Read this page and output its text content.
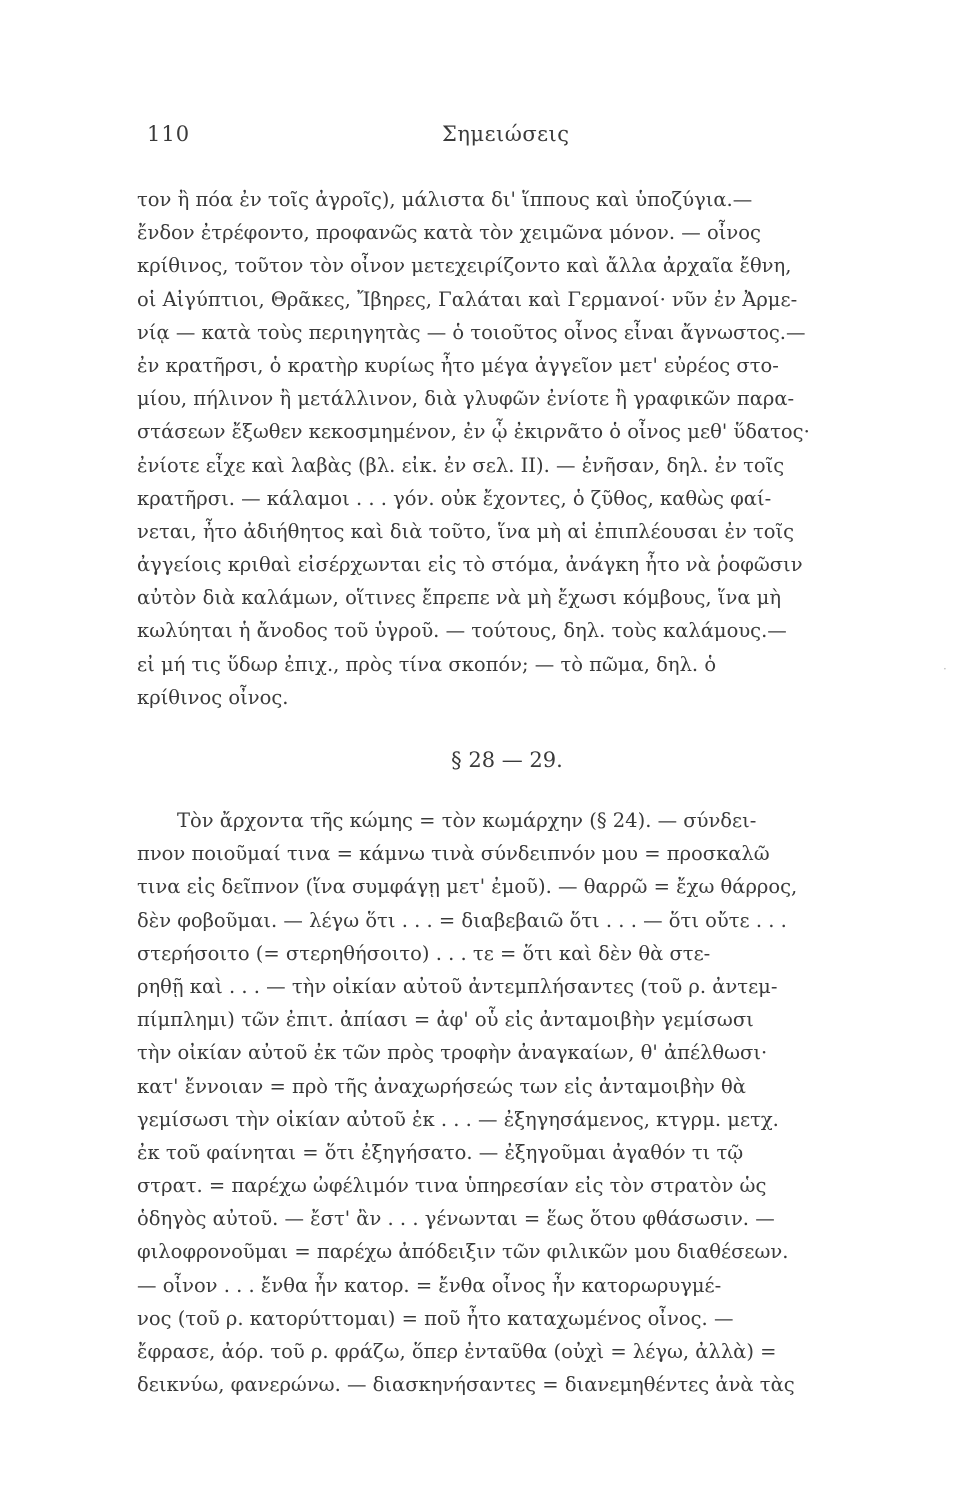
110	Σημειώσεις
τον ἢ πόα ἐν τοῖς ἀγροῖς), μάλιστα δι' ἵππους καὶ ὑποζύγια.—
ἔνδον ἐτρέφοντο, προφανῶς κατὰ τὸν χειμῶνα μόνον. — οἶνος
κρίθινος, τοῦτον τὸν οἶνον μετεχειρίζοντο καὶ ἄλλα ἀρχαῖα ἔθνη,
οἱ Αἰγύπτιοι, Θρᾶκες, Ἴβηρες, Γαλάται καὶ Γερμανοί· νῦν ἐν Ἀρμε-
νίᾳ — κατὰ τοὺς περιηγητὰς — ὁ τοιοῦτος οἶνος εἶναι ἄγνωστος.—
ἐν κρατῆρσι, ὁ κρατὴρ κυρίως ἦτο μέγα ἀγγεῖον μετ' εὐρέος στο-
μίου, πήλινον ἢ μετάλλινον, διὰ γλυφῶν ἐνίοτε ἢ γραφικῶν παρα-
στάσεων ἔξωθεν κεκοσμημένον, ἐν ᾧ ἐκιρνᾶτο ὁ οἶνος μεθ' ὕδατος·
ἐνίοτε εἶχε καὶ λαβὰς (βλ. εἰκ. ἐν σελ. II). — ἐνῆσαν, δηλ. ἐν τοῖς
κρατῆρσι. — κάλαμοι . . . γόν. οὐκ ἔχοντες, ὁ ζῦθος, καθὼς φαί-
νεται, ἦτο ἀδιήθητος καὶ διὰ τοῦτο, ἵνα μὴ αἱ ἐπιπλέουσαι ἐν τοῖς
ἀγγείοις κριθαὶ εἰσέρχωνται εἰς τὸ στόμα, ἀνάγκη ἦτο νὰ ῥοφῶσιν
αὐτὸν διὰ καλάμων, οἵτινες ἔπρεπε νὰ μὴ ἔχωσι κόμβους, ἵνα μὴ
κωλύηται ἡ ἄνοδος τοῦ ὑγροῦ. — τούτους, δηλ. τοὺς καλάμους.—
εἰ μή τις ὕδωρ ἐπιχ., πρὸς τίνα σκοπόν; — τὸ πῶμα, δηλ. ὁ
κρίθινος οἶνος.
§ 28 — 29.
Τὸν ἄρχοντα τῆς κώμης = τὸν κωμάρχην (§ 24). — σύνδει-
πνον ποιοῦμαί τινα = κάμνω τινὰ σύνδειπνόν μου = προσκαλῶ
τινα εἰς δεῖπνον (ἵνα συμφάγῃ μετ' ἐμοῦ). — θαρρῶ = ἔχω θάρρος,
δὲν φοβοῦμαι. — λέγω ὅτι . . . = διαβεβαιῶ ὅτι . . . — ὅτι οὔτε . . .
στερήσοιτο (= στερηθήσοιτο) . . . τε = ὅτι καὶ δὲν θὰ στε-
ρηθῇ καὶ . . . — τὴν οἰκίαν αὐτοῦ ἀντεμπλήσαντες (τοῦ ρ. ἀντεμ-
πίμπλημι) τῶν ἐπιτ. ἀπίασι = ἀφ' οὗ εἰς ἀνταμοιβὴν γεμίσωσι
τὴν οἰκίαν αὐτοῦ ἐκ τῶν πρὸς τροφὴν ἀναγκαίων, θ' ἀπέλθωσι·
κατ' ἔννοιαν = πρὸ τῆς ἀναχωρήσεώς των εἰς ἀνταμοιβὴν θὰ
γεμίσωσι τὴν οἰκίαν αὐτοῦ ἐκ . . . — ἐξηγησάμενος, κτγρμ. μετχ.
ἐκ τοῦ φαίνηται = ὅτι ἐξηγήσατο. — ἐξηγοῦμαι ἀγαθόν τι τῷ
στρατ. = παρέχω ὠφέλιμόν τινα ὑπηρεσίαν εἰς τὸν στρατὸν ὡς
ὁδηγὸς αὐτοῦ. — ἔστ' ἂν . . . γένωνται = ἕως ὅτου φθάσωσιν. —
φιλοφρονοῦμαι = παρέχω ἀπόδειξιν τῶν φιλικῶν μου διαθέσεων.
— οἶνον . . . ἔνθα ἦν κατορ. = ἔνθα οἶνος ἦν κατορωρυγμέ-
νος (τοῦ ρ. κατορύττομαι) = ποῦ ἦτο καταχωμένος οἶνος. —
ἔφρασε, ἀόρ. τοῦ ρ. φράζω, ὅπερ ἐνταῦθα (οὐχὶ = λέγω, ἀλλὰ) =
δεικνύω, φανερώνω. — διασκηνήσαντες = διανεμηθέντες ἀνὰ τὰς
·
